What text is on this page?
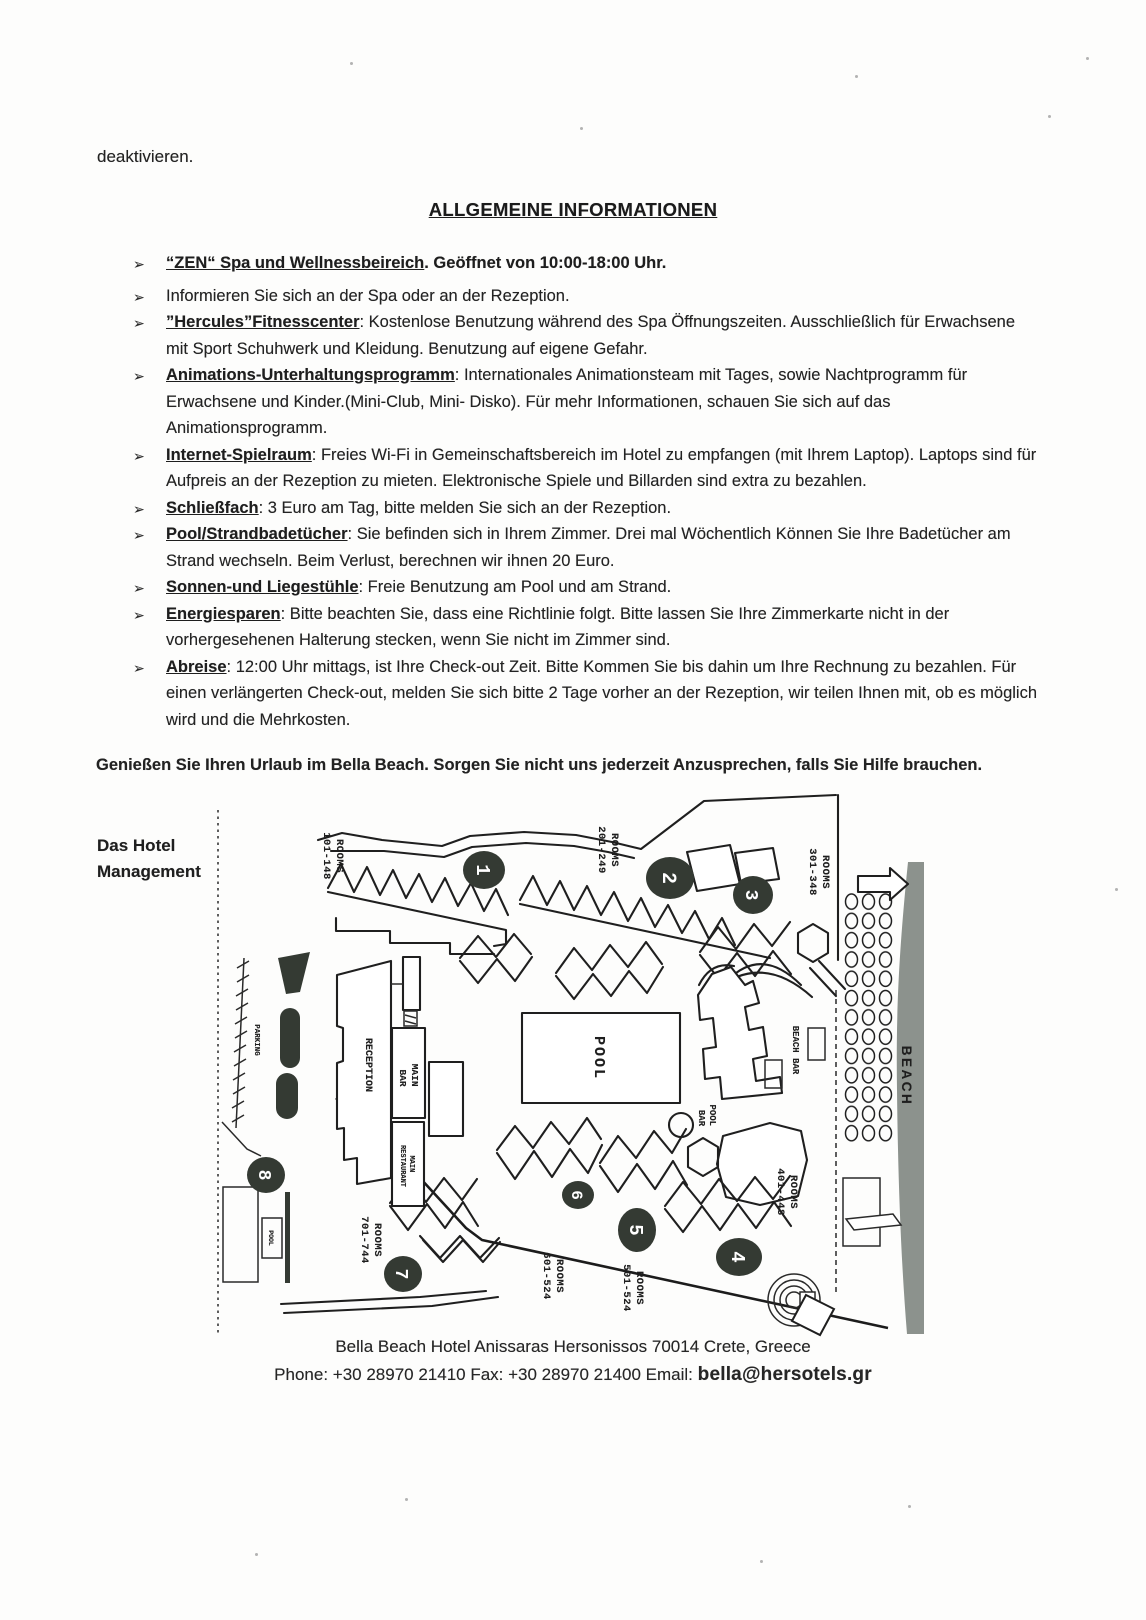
deaktivieren.
ALLGEMEINE INFORMATIONEN
➢	“ZEN“ Spa und Wellnessbeireich. Geöffnet von 10:00-18:00 Uhr.
➢	Informieren Sie sich an der Spa oder an der Rezeption.
➢	”Hercules”Fitnesscenter: Kostenlose Benutzung während des Spa Öffnungszeiten. Ausschließlich für Erwachsene mit Sport Schuhwerk und Kleidung. Benutzung auf eigene Gefahr.
➢	Animations-Unterhaltungsprogramm: Internationales Animationsteam mit Tages, sowie Nachtprogramm für Erwachsene und Kinder.(Mini-Club, Mini- Disko). Für mehr Informationen, schauen Sie sich auf das Animationsprogramm.
➢	Internet-Spielraum: Freies Wi-Fi in Gemeinschaftsbereich im Hotel zu empfangen (mit Ihrem Laptop). Laptops sind für Aufpreis an der Rezeption zu mieten. Elektronische Spiele und Billarden sind extra zu bezahlen.
➢	Schließfach: 3 Euro am Tag, bitte melden Sie sich an der Rezeption.
➢	Pool/Strandbadetücher: Sie befinden sich in Ihrem Zimmer. Drei mal Wöchentlich Können Sie Ihre Badetücher am Strand wechseln. Beim Verlust, berechnen wir ihnen 20 Euro.
➢	Sonnen-und Liegestühle: Freie Benutzung am Pool und am Strand.
➢	Energiesparen: Bitte beachten Sie, dass eine Richtlinie folgt. Bitte lassen Sie Ihre Zimmerkarte nicht in der vorhergesehenen Halterung stecken, wenn Sie nicht im Zimmer sind.
➢	Abreise: 12:00 Uhr mittags, ist Ihre Check-out Zeit. Bitte Kommen Sie bis dahin um Ihre Rechnung zu bezahlen. Für einen verlängerten Check-out, melden Sie sich bitte 2 Tage vorher an der Rezeption, wir teilen Ihnen mit, ob es möglich wird und die Mehrkosten.
Genießen Sie Ihren Urlaub im Bella Beach. Sorgen Sie nicht uns jederzeit Anzusprechen, falls Sie Hilfe brauchen.
Das Hotel
Management
BEACH
PARKING	RECEPTION	MAIN BAR
MAIN RESTAURANT
POOL
POOL BAR
BEACH BAR
POOL
ROOMS101-148	ROOMS201-249	ROOMS301-348
ROOMS401-448
ROOMS501-524
ROOMS601-524
ROOMS701-744
1
2
3
4
5
6
7
8
Bella Beach Hotel Anissaras Hersonissos 70014 Crete, Greece
Phone: +30 28970 21410 Fax: +30 28970 21400 Email: bella@hersotels.gr
